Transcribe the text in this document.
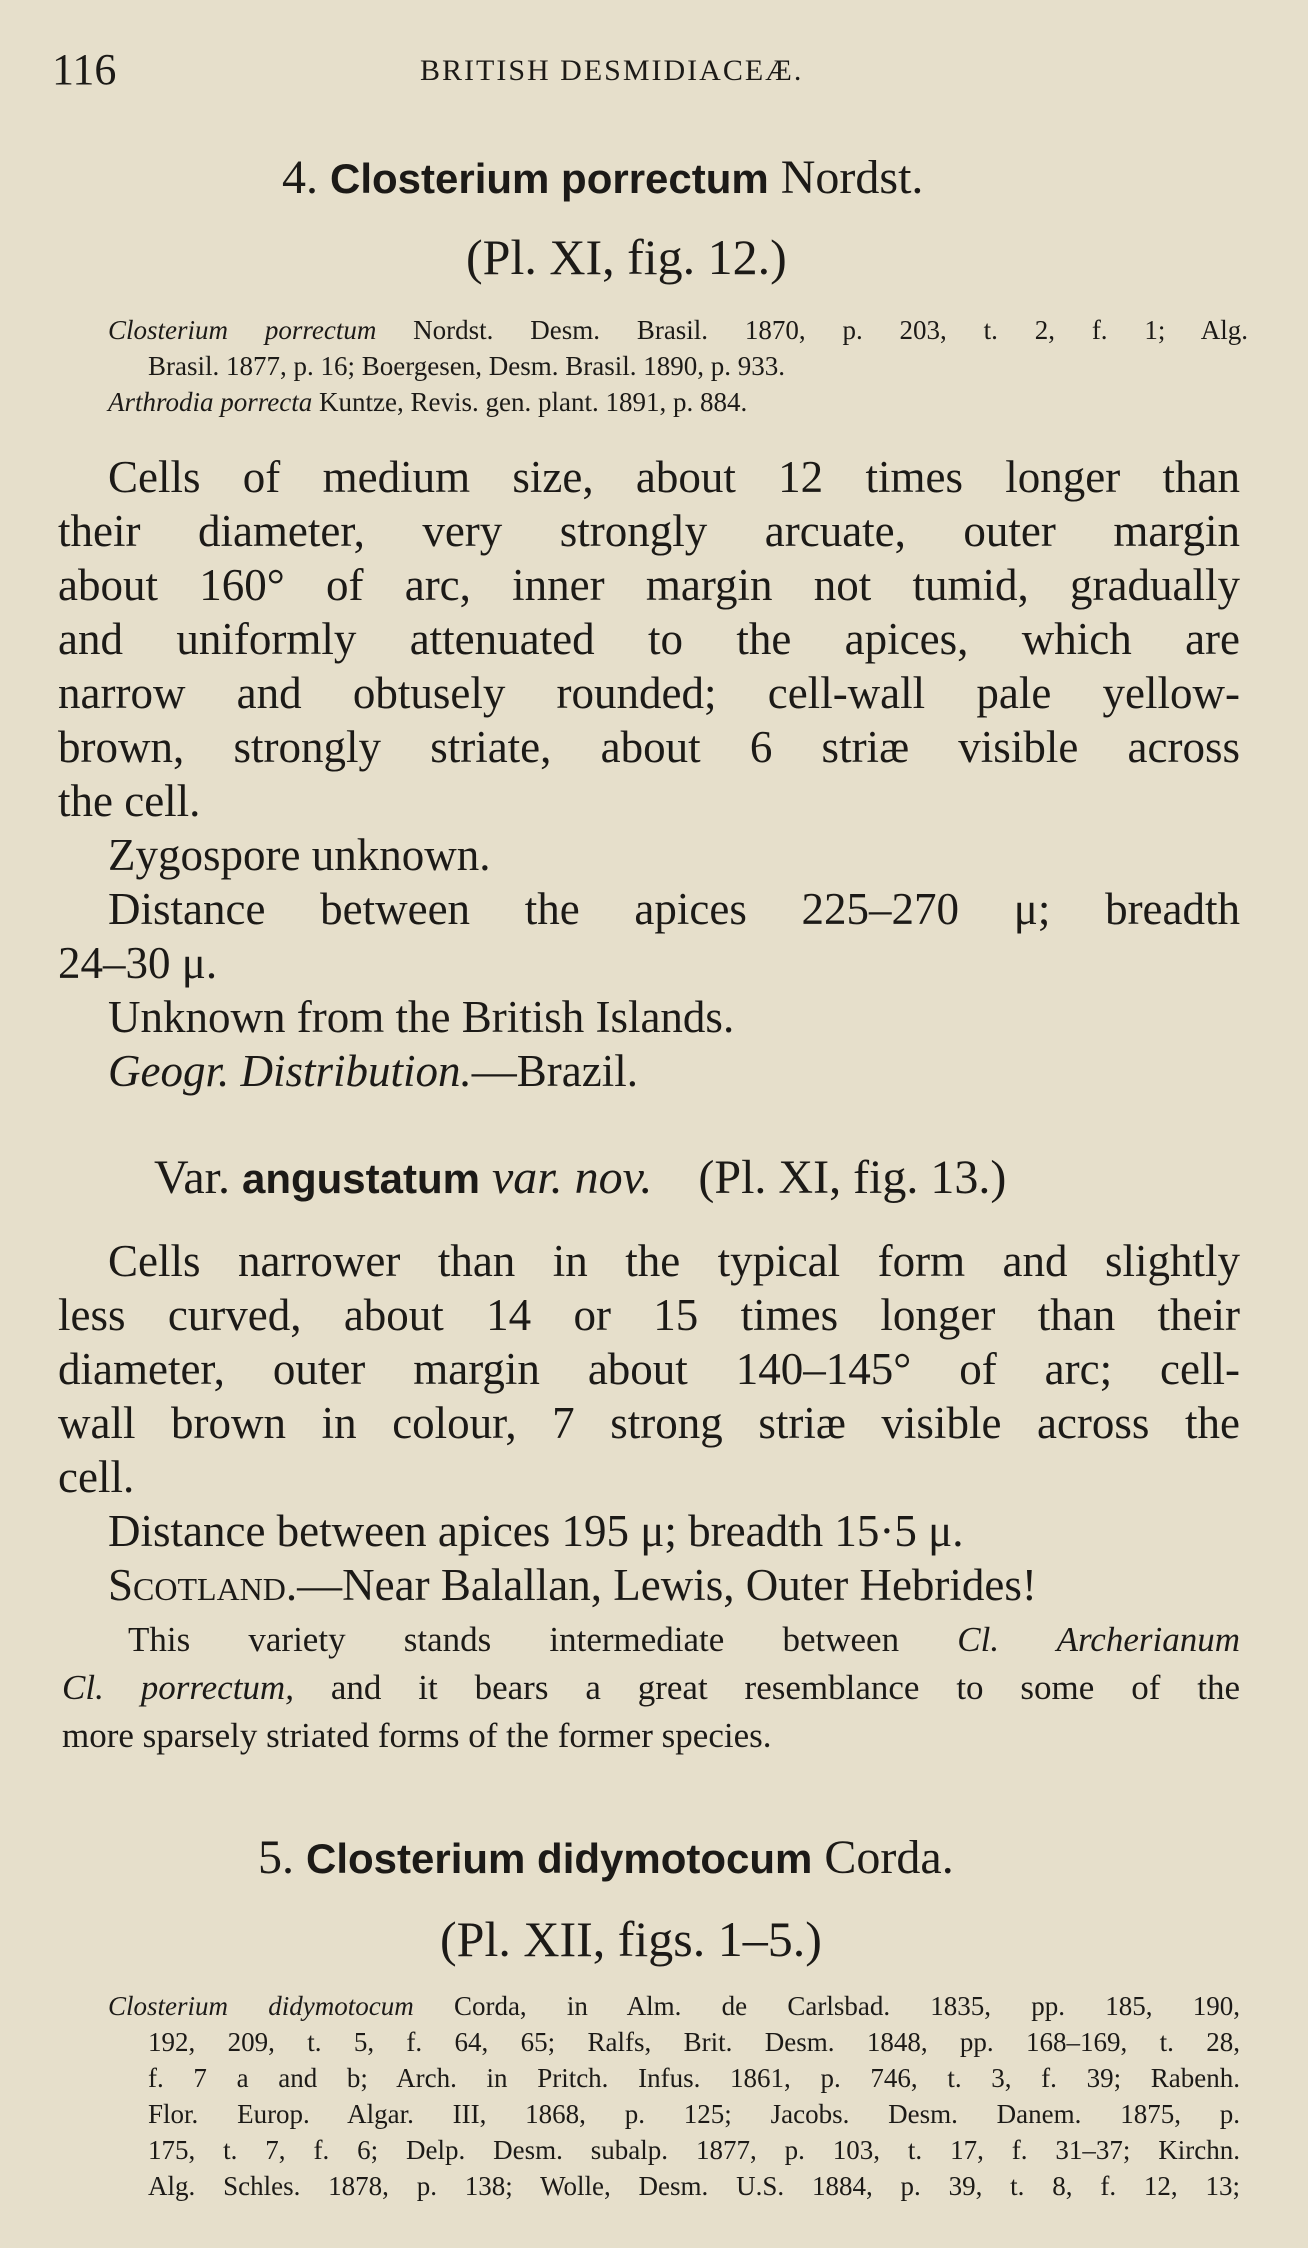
116	BRITISH DESMIDIACEÆ.
4. Closterium porrectum Nordst.
(Pl. XI, fig. 12.)
Closterium porrectum Nordst. Desm. Brasil. 1870, p. 203, t. 2, f. 1; Alg.
Brasil. 1877, p. 16; Boergesen, Desm. Brasil. 1890, p. 933.
Arthrodia porrecta Kuntze, Revis. gen. plant. 1891, p. 884.
Cells of medium size, about 12 times longer than
their diameter, very strongly arcuate, outer margin
about 160° of arc, inner margin not tumid, gradually
and uniformly attenuated to the apices, which are
narrow and obtusely rounded; cell-wall pale yellow-
brown, strongly striate, about 6 striæ visible across
the cell.
Zygospore unknown.
Distance between the apices 225–270 μ; breadth
24–30 μ.
Unknown from the British Islands.
Geogr. Distribution.—Brazil.
Var. angustatum var. nov. (Pl. XI, fig. 13.)
Cells narrower than in the typical form and slightly
less curved, about 14 or 15 times longer than their
diameter, outer margin about 140–145° of arc; cell-
wall brown in colour, 7 strong striæ visible across the
cell.
Distance between apices 195 μ; breadth 15·5 μ.
Scotland.—Near Balallan, Lewis, Outer Hebrides!
This variety stands intermediate between Cl. Archerianum
Cl. porrectum, and it bears a great resemblance to some of the
more sparsely striated forms of the former species.
5. Closterium didymotocum Corda.
(Pl. XII, figs. 1–5.)
Closterium didymotocum Corda, in Alm. de Carlsbad. 1835, pp. 185, 190,
192, 209, t. 5, f. 64, 65; Ralfs, Brit. Desm. 1848, pp. 168–169, t. 28,
f. 7 a and b; Arch. in Pritch. Infus. 1861, p. 746, t. 3, f. 39; Rabenh.
Flor. Europ. Algar. III, 1868, p. 125; Jacobs. Desm. Danem. 1875, p.
175, t. 7, f. 6; Delp. Desm. subalp. 1877, p. 103, t. 17, f. 31–37; Kirchn.
Alg. Schles. 1878, p. 138; Wolle, Desm. U.S. 1884, p. 39, t. 8, f. 12, 13;
